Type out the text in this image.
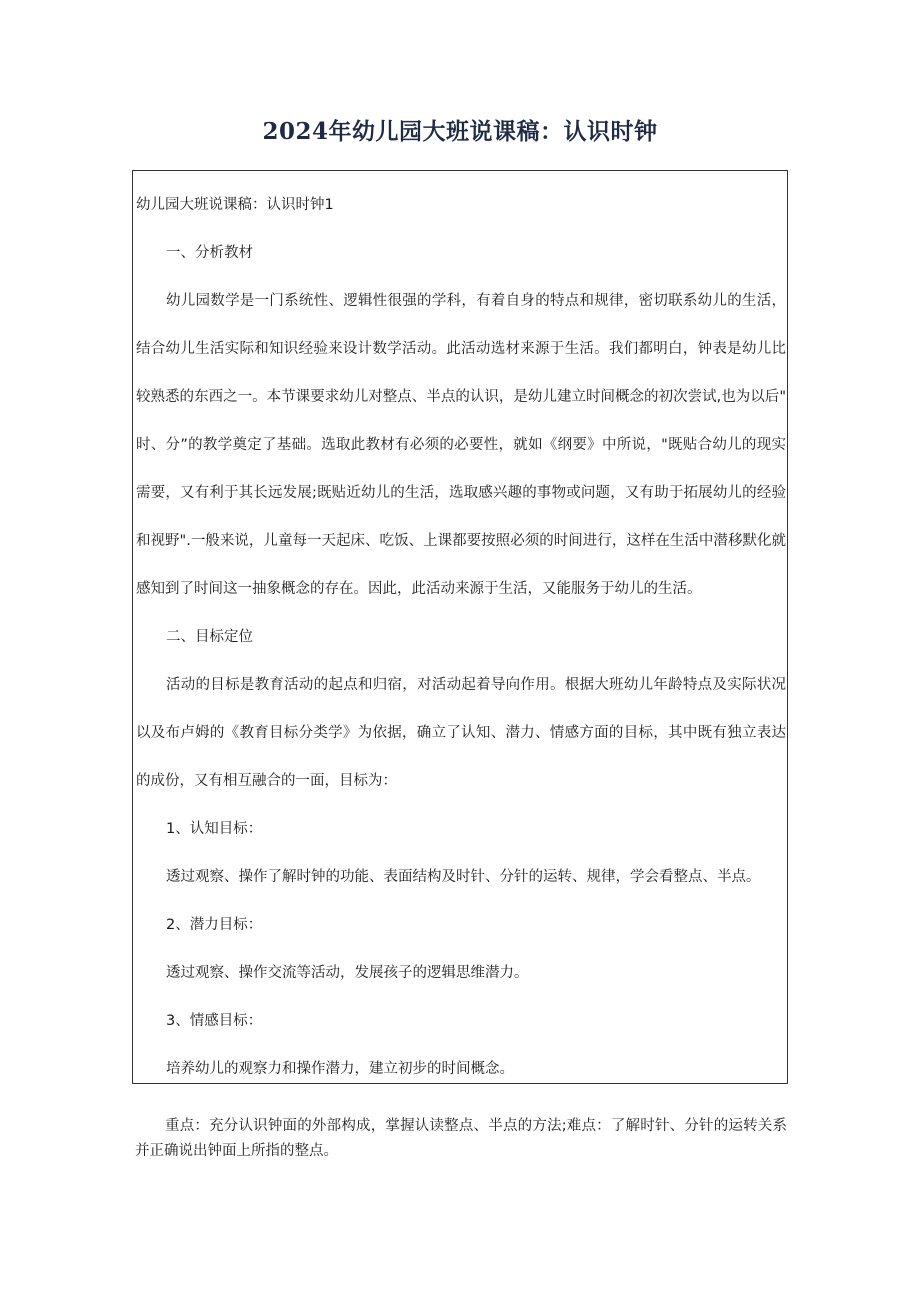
2024年幼儿园大班说课稿：认识时钟
幼儿园大班说课稿：认识时钟1
一、分析教材
幼儿园数学是一门系统性、逻辑性很强的学科，有着自身的特点和规律，密切联系幼儿的生活，
结合幼儿生活实际和知识经验来设计数学活动。此活动选材来源于生活。我们都明白，钟表是幼儿比
较熟悉的东西之一。本节课要求幼儿对整点、半点的认识，是幼儿建立时间概念的初次尝试,也为以后"
时、分”的教学奠定了基础。选取此教材有必须的必要性，就如《纲要》中所说，"既贴合幼儿的现实
需要，又有利于其长远发展;既贴近幼儿的生活，选取感兴趣的事物或问题，又有助于拓展幼儿的经验
和视野".一般来说，儿童每一天起床、吃饭、上课都要按照必须的时间进行，这样在生活中潜移默化就
感知到了时间这一抽象概念的存在。因此，此活动来源于生活，又能服务于幼儿的生活。
二、目标定位
活动的目标是教育活动的起点和归宿，对活动起着导向作用。根据大班幼儿年龄特点及实际状况
以及布卢姆的《教育目标分类学》为依据，确立了认知、潜力、情感方面的目标，其中既有独立表达
的成份，又有相互融合的一面，目标为：
1、认知目标：
透过观察、操作了解时钟的功能、表面结构及时针、分针的运转、规律，学会看整点、半点。
2、潜力目标：
透过观察、操作交流等活动，发展孩子的逻辑思维潜力。
3、情感目标：
培养幼儿的观察力和操作潜力，建立初步的时间概念。
重点：充分认识钟面的外部构成，掌握认读整点、半点的方法;难点：了解时针、分针的运转关系
并正确说出钟面上所指的整点。
